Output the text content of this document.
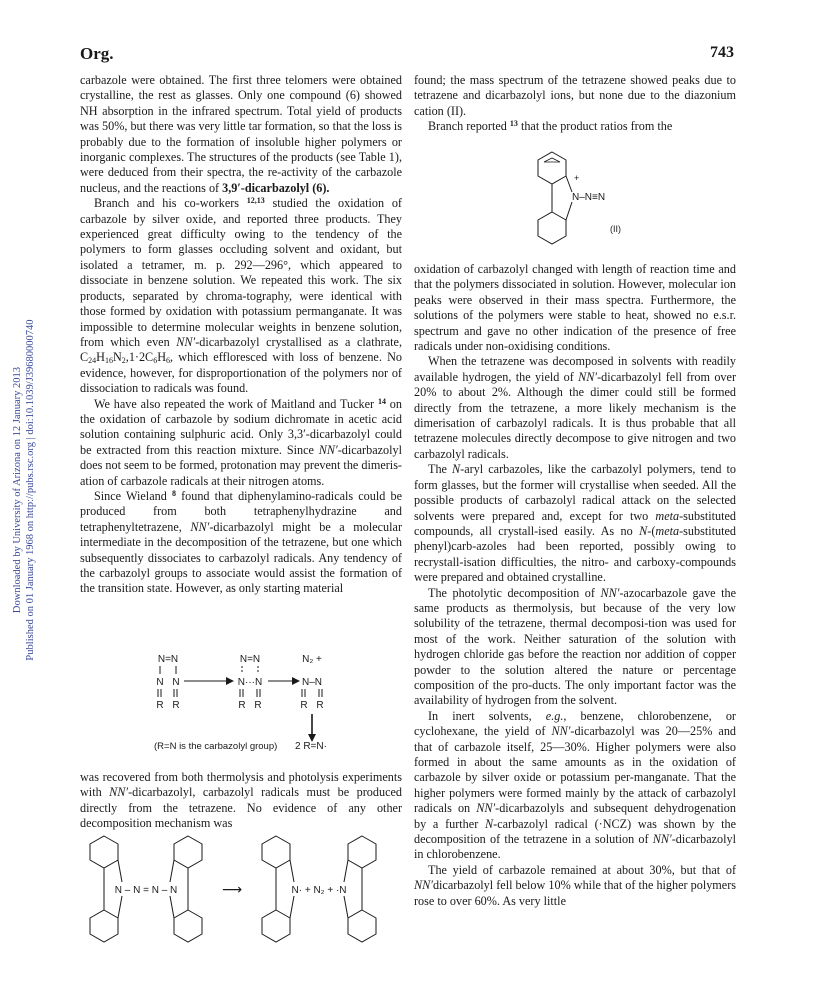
Org.	743
Downloaded by University of Arizona on 12 January 2013 Published on 01 January 1968 on http://pubs.rsc.org | doi:10.1039/J39680000740

carbazole were obtained. The first three telomers were obtained crystalline, the rest as glasses. Only one compound (6) showed NH absorption in the infrared spectrum. Total yield of products was 50%, but there was very little tar formation, so that the loss is probably due to the formation of insoluble higher polymers or inorganic complexes. The structures of the products (see Table 1), were deduced from their spectra, the re-activity of the carbazole nucleus, and the reactions of 3,9′-dicarbazolyl (6).

Branch and his co-workers $^{12,13}$ studied the oxidation of carbazole by silver oxide, and reported three products. They experienced great difficulty owing to the tendency of the polymers to form glasses occluding solvent and oxidant, but isolated a tetramer, m. p. 292—296°, which appeared to dissociate in benzene solution. We repeated this work. The six products, separated by chroma-tography, were identical with those formed by oxidation with potassium permanganate. It was impossible to determine molecular weights in benzene solution, from which even NN′-dicarbazolyl crystallised as a clathrate, $C_{24}H_{16}N_2,1\cdot 2C_6H_6$, which effloresced with loss of benzene. No evidence, however, for disproportionation of the polymers nor of dissociation to radicals was found.

We have also repeated the work of Maitland and Tucker $^{14}$ on the oxidation of carbazole by sodium dichromate in acetic acid solution containing sulphuric acid. Only 3,3′-dicarbazolyl could be extracted from this reaction mixture. Since NN′-dicarbazolyl does not seem to be formed, protonation may prevent the dimeris-ation of carbazole radicals at their nitrogen atoms.

Since Wieland $^8$ found that diphenylamino-radicals could be produced from both tetraphenylhydrazine and tetraphenyltetrazene, NN′-dicarbazolyl might be a molecular intermediate in the decomposition of the tetrazene, but one which subsequently dissociates to carbazolyl radicals. Any tendency of the carbazolyl groups to associate would assist the formation of the transition state. However, as only starting material

N=N
N N
R R
N=N
N···N
R R
N₂ +
N–N
R R
(R=N is the carbazolyl group) 2 R=N·

was recovered from both thermolysis and photolysis experiments with NN′-dicarbazolyl, carbazolyl radicals must be produced directly from the tetrazene. No evidence of any other decomposition mechanism was

N – N = N – N	⟶	N· + N₂ + ·N

found; the mass spectrum of the tetrazene showed peaks due to tetrazene and dicarbazolyl ions, but none due to the diazonium cation (II).

Branch reported $^{13}$ that the product ratios from the

+
N–N≡N
(II)

oxidation of carbazolyl changed with length of reaction time and that the polymers dissociated in solution. However, molecular ion peaks were observed in their mass spectra. Furthermore, the solutions of the polymers were stable to heat, showed no e.s.r. spectrum and gave no other indication of the presence of free radicals under non-oxidising conditions.

When the tetrazene was decomposed in solvents with readily available hydrogen, the yield of NN′-dicarbazolyl fell from over 20% to about 2%. Although the dimer could still be formed directly from the tetrazene, a more likely mechanism is the dimerisation of carbazolyl radicals. It is thus probable that all tetrazene molecules directly decompose to give nitrogen and two carbazolyl radicals.

The N-aryl carbazoles, like the carbazolyl polymers, tend to form glasses, but the former will crystallise when seeded. All the possible products of carbazolyl radical attack on the selected solvents were prepared and, except for two meta-substituted compounds, all crystall-ised easily. As no N-(meta-substituted phenyl)carb-azoles had been reported, possibly owing to recrystall-isation difficulties, the nitro- and carboxy-compounds were prepared and obtained crystalline.

The photolytic decomposition of NN′-azocarbazole gave the same products as thermolysis, but because of the very low solubility of the tetrazene, thermal decomposi-tion was used for most of the work. Neither saturation of the solution with hydrogen chloride gas before the reaction nor addition of copper powder to the solution altered the nature or percentage composition of the pro-ducts. The only important factor was the availability of hydrogen from the solvent.

In inert solvents, e.g., benzene, chlorobenzene, or cyclohexane, the yield of NN′-dicarbazolyl was 20—25% and that of carbazole itself, 25—30%. Higher polymers were also formed in about the same amounts as in the oxidation of carbazole by silver oxide or potassium per-manganate. That the higher polymers were formed mainly by the attack of carbazolyl radicals on NN′-dicarbazolyls and subsequent dehydrogenation by a further N-carbazolyl radical (·NCZ) was shown by the decomposition of the tetrazene in a solution of NN′-dicarbazolyl in chlorobenzene.

The yield of carbazole remained at about 30%, but that of NN′dicarbazolyl fell below 10% while that of the higher polymers rose to over 60%. As very little
